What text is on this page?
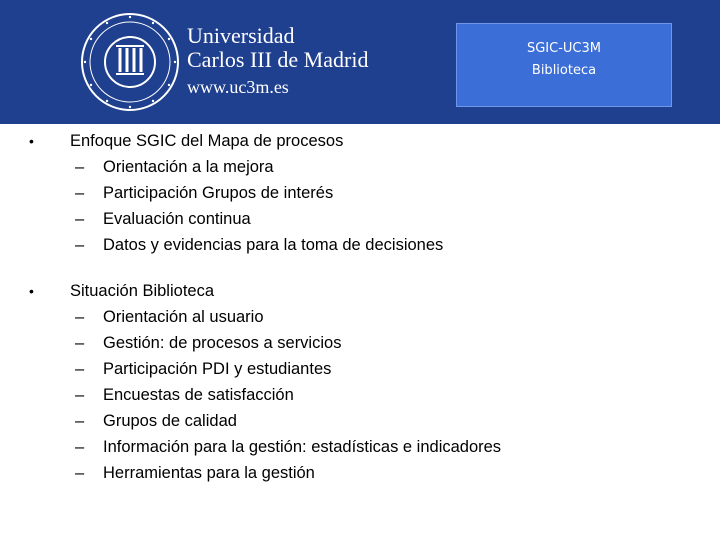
Universidad
Carlos III de Madrid
www.uc3m.es
SGIC-UC3M
Biblioteca
• Enfoque SGIC del Mapa de procesos
– Orientación a la mejora
– Participación Grupos de interés
– Evaluación continua
– Datos y evidencias para la toma de decisiones
• Situación Biblioteca
– Orientación al usuario
– Gestión: de procesos a servicios
– Participación PDI y estudiantes
– Encuestas de satisfacción
– Grupos de calidad
– Información para la gestión: estadísticas e indicadores
– Herramientas para la gestión
